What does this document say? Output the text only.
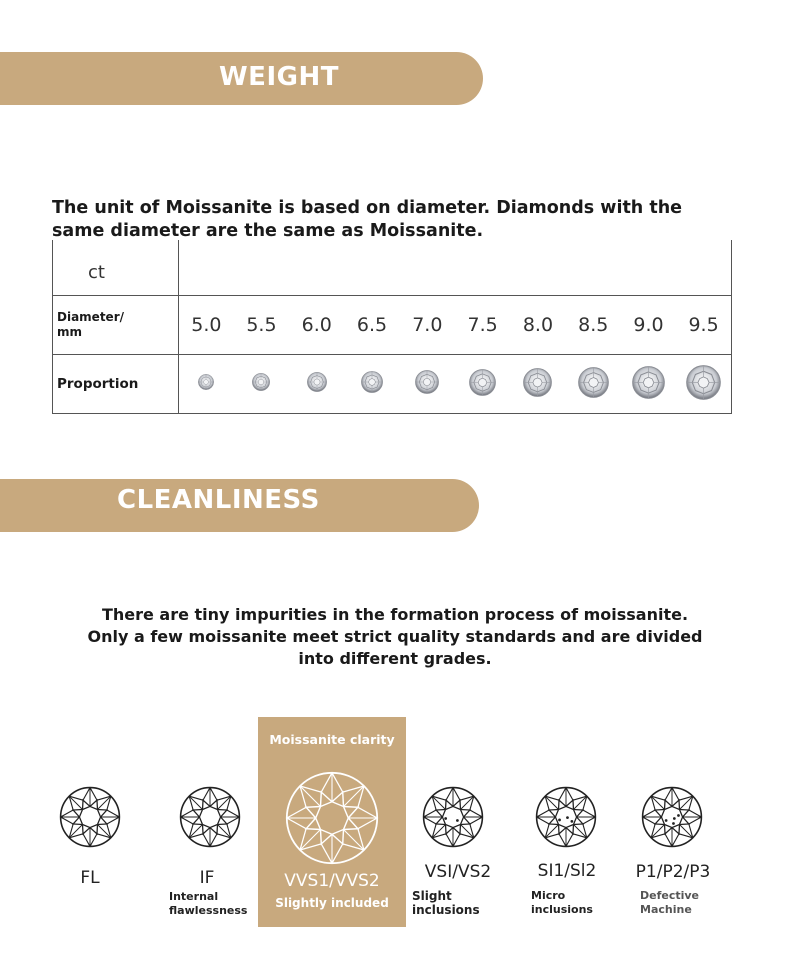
WEIGHT
The unit of Moissanite is based on diameter. Diamonds with the
same diameter are the same as Moissanite.
ct										

Diameter/
mm	5.0	5.5	6.0	6.5	7.0	7.5	8.0	8.5	9.0	9.5
Proportion										
CLEANLINESS
There are tiny impurities in the formation process of moissanite.
Only a few moissanite meet strict quality standards and are divided
into different grades.
Moissanite clarity
FL	IF
Internal
flawlessness
VVS1/VVS2
Slightly included
VSI/VS2
Slight
inclusions
SI1/Sl2
Micro
inclusions
P1/P2/P3
Defective
Machine
